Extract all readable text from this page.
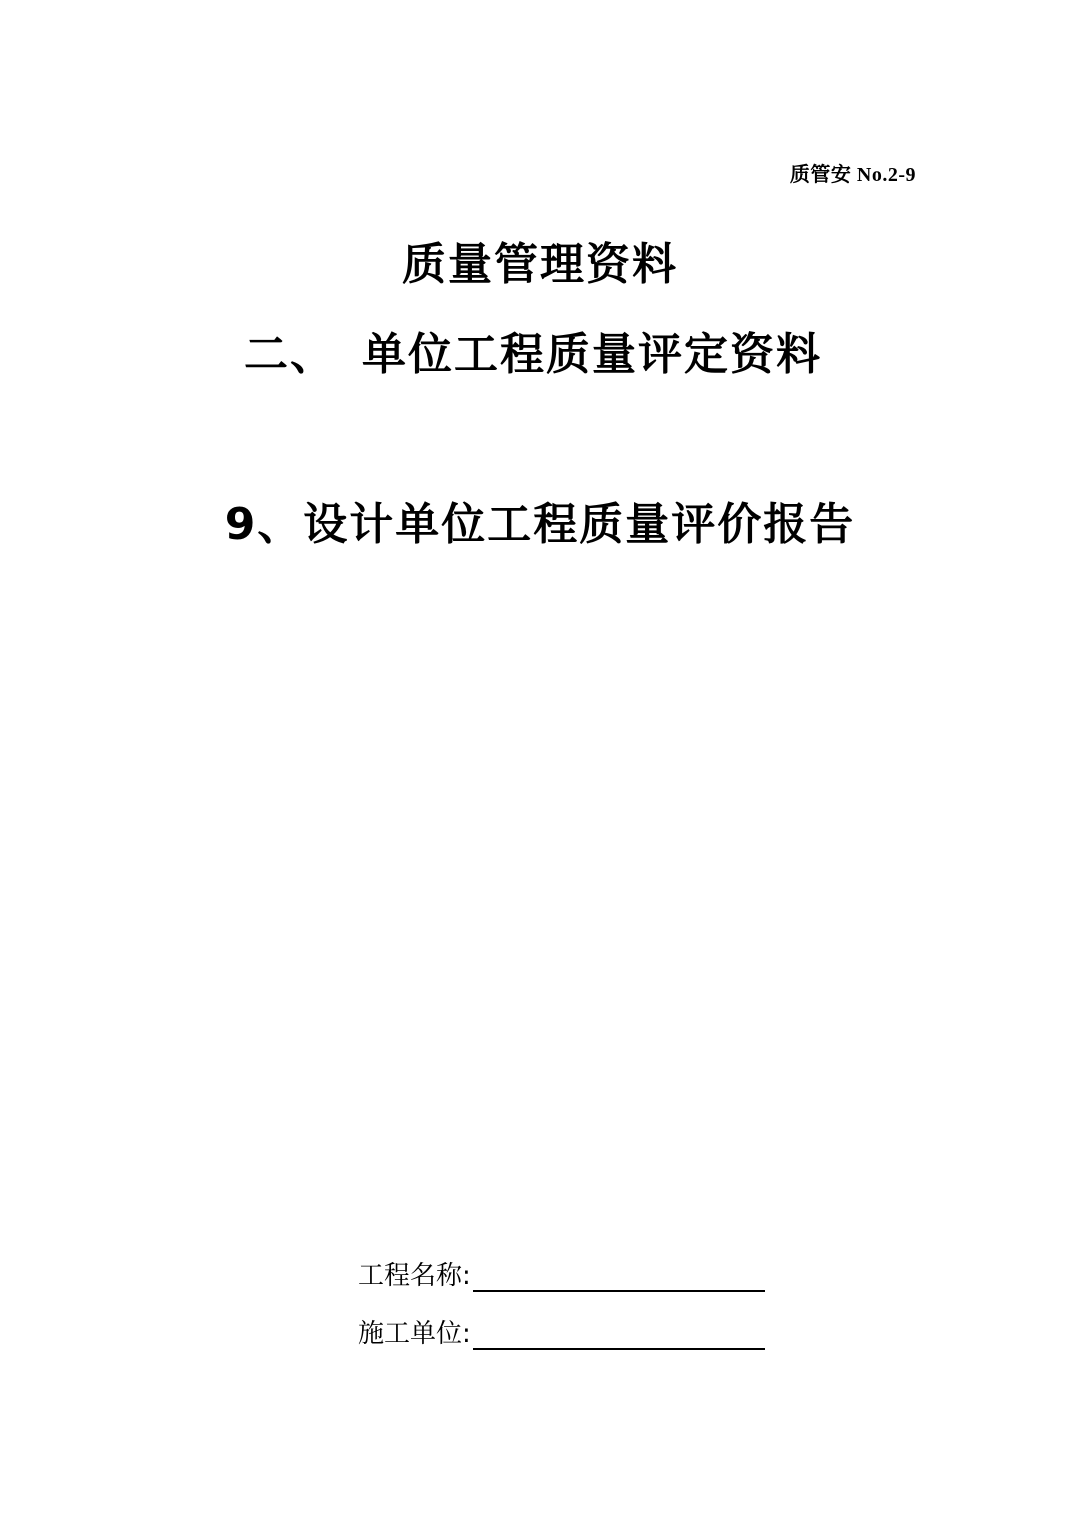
质管安 No.2-9
质量管理资料
二、 单位工程质量评定资料
9、设计单位工程质量评价报告
工程名称:
施工单位:
